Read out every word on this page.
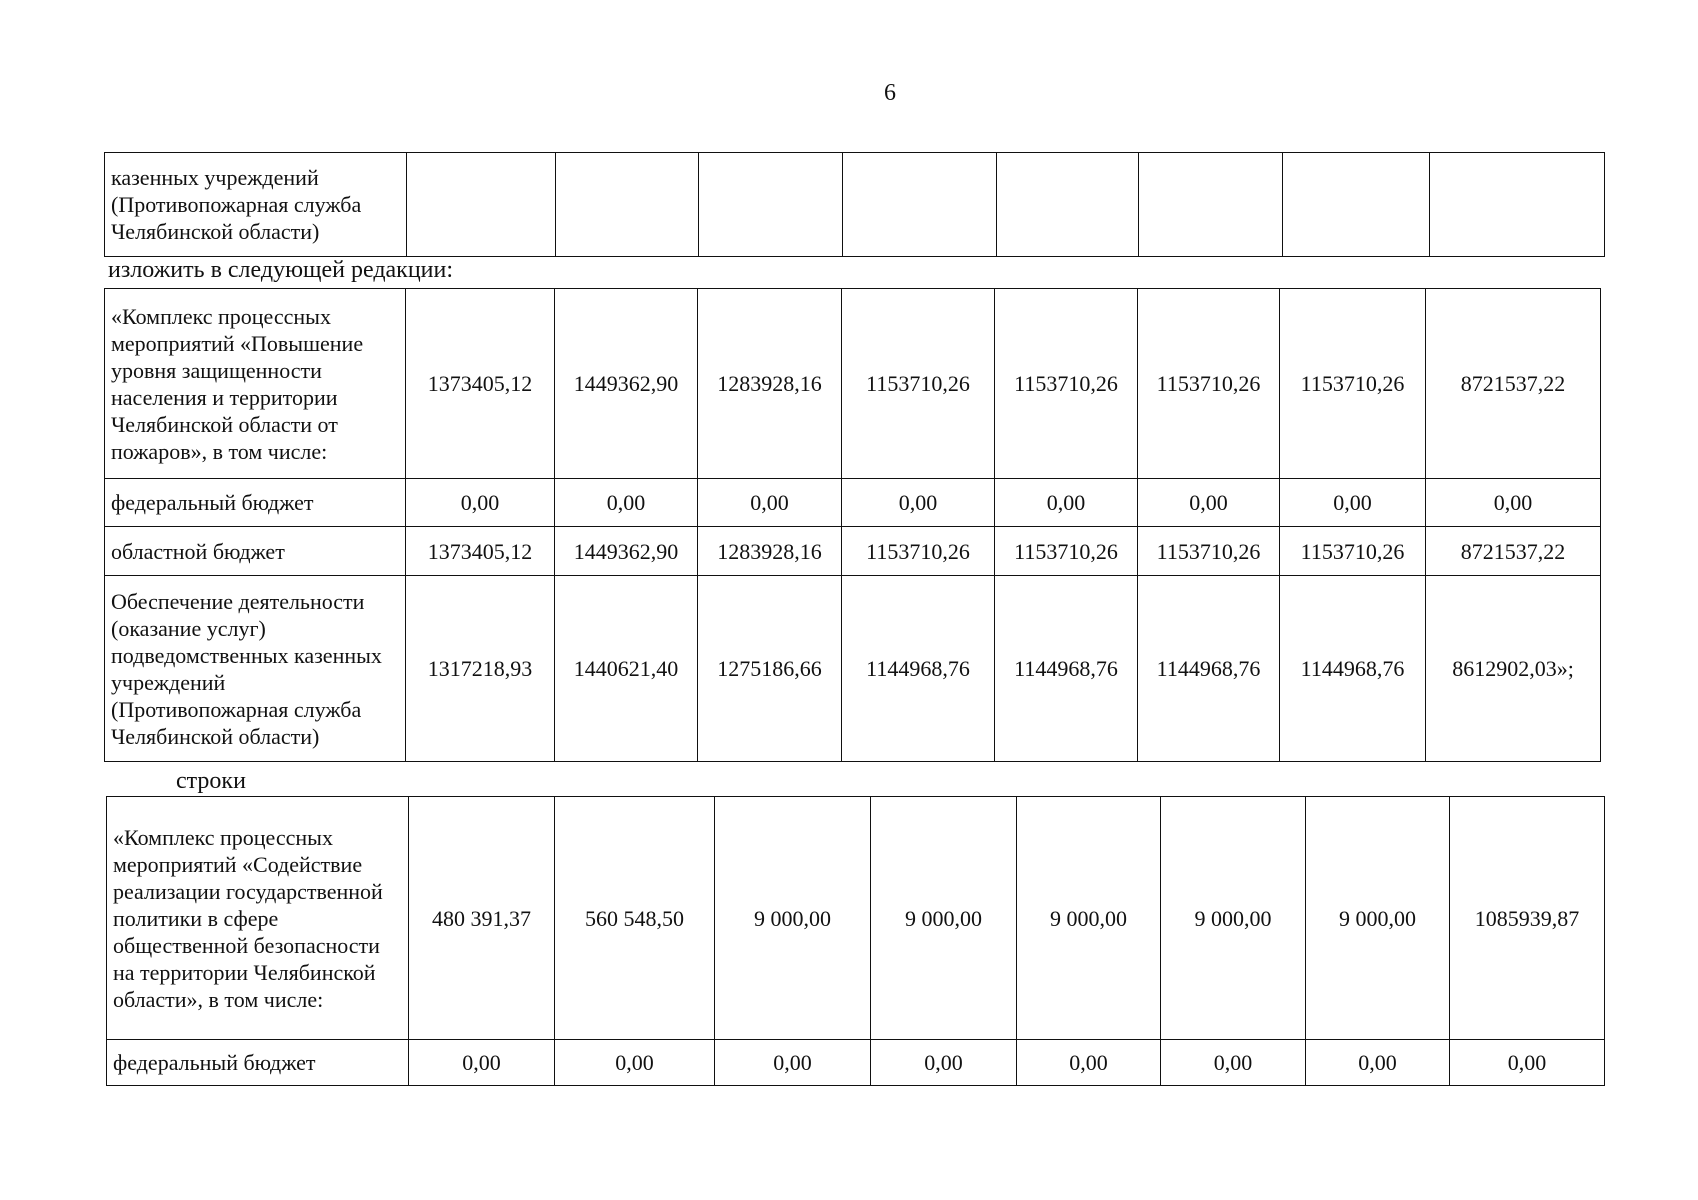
6
казенных учреждений (Противопожарная служба Челябинской области)								
изложить в следующей редакции:
«Комплекс процессных мероприятий «Повышение уровня защищенности населения и территории Челябинской области от пожаров», в том числе:	1373405,12	1449362,90	1283928,16	1153710,26	1153710,26	1153710,26	1153710,26	8721537,22
федеральный бюджет	0,00	0,00	0,00	0,00	0,00	0,00	0,00	0,00
областной бюджет	1373405,12	1449362,90	1283928,16	1153710,26	1153710,26	1153710,26	1153710,26	8721537,22
Обеспечение деятельности (оказание услуг) подведомственных казенных учреждений (Противопожарная служба Челябинской области)	1317218,93	1440621,40	1275186,66	1144968,76	1144968,76	1144968,76	1144968,76	8612902,03»;
строки
«Комплекс процессных мероприятий «Содействие реализации государственной политики в сфере общественной безопасности на территории Челябинской области», в том числе:	480 391,37	560 548,50	9 000,00	9 000,00	9 000,00	9 000,00	9 000,00	1085939,87
федеральный бюджет	0,00	0,00	0,00	0,00	0,00	0,00	0,00	0,00
